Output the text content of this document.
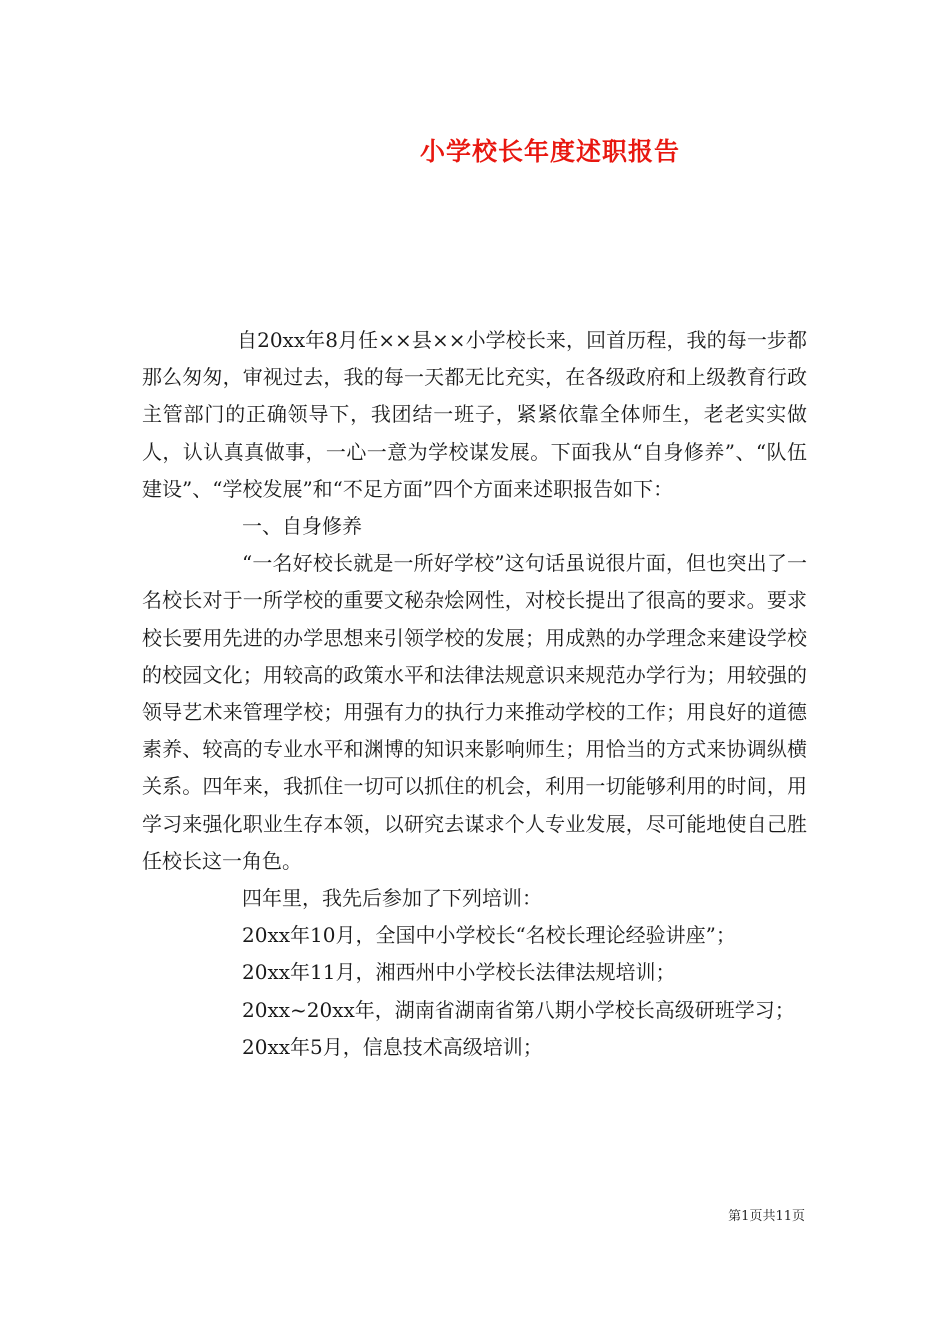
小学校长年度述职报告

自20xx年8月任××县××小学校长来，回首历程，我的每一步都那么匆匆，审视过去，我的每一天都无比充实，在各级政府和上级教育行政主管部门的正确领导下，我团结一班子，紧紧依靠全体师生，老老实实做人，认认真真做事，一心一意为学校谋发展。下面我从“自身修养”、“队伍建设”、“学校发展”和“不足方面”四个方面来述职报告如下：

一、自身修养

“一名好校长就是一所好学校”这句话虽说很片面，但也突出了一名校长对于一所学校的重要文秘杂烩网性，对校长提出了很高的要求。要求校长要用先进的办学思想来引领学校的发展；用成熟的办学理念来建设学校的校园文化；用较高的政策水平和法律法规意识来规范办学行为；用较强的领导艺术来管理学校；用强有力的执行力来推动学校的工作；用良好的道德素养、较高的专业水平和渊博的知识来影响师生；用恰当的方式来协调纵横关系。四年来，我抓住一切可以抓住的机会，利用一切能够利用的时间，用学习来强化职业生存本领，以研究去谋求个人专业发展，尽可能地使自己胜任校长这一角色。

四年里，我先后参加了下列培训：

20xx年10月，全国中小学校长“名校长理论经验讲座”；

20xx年11月，湘西州中小学校长法律法规培训；

20xx~20xx年，湖南省湖南省第八期小学校长高级研班学习；

20xx年5月，信息技术高级培训；

第1页共11页
